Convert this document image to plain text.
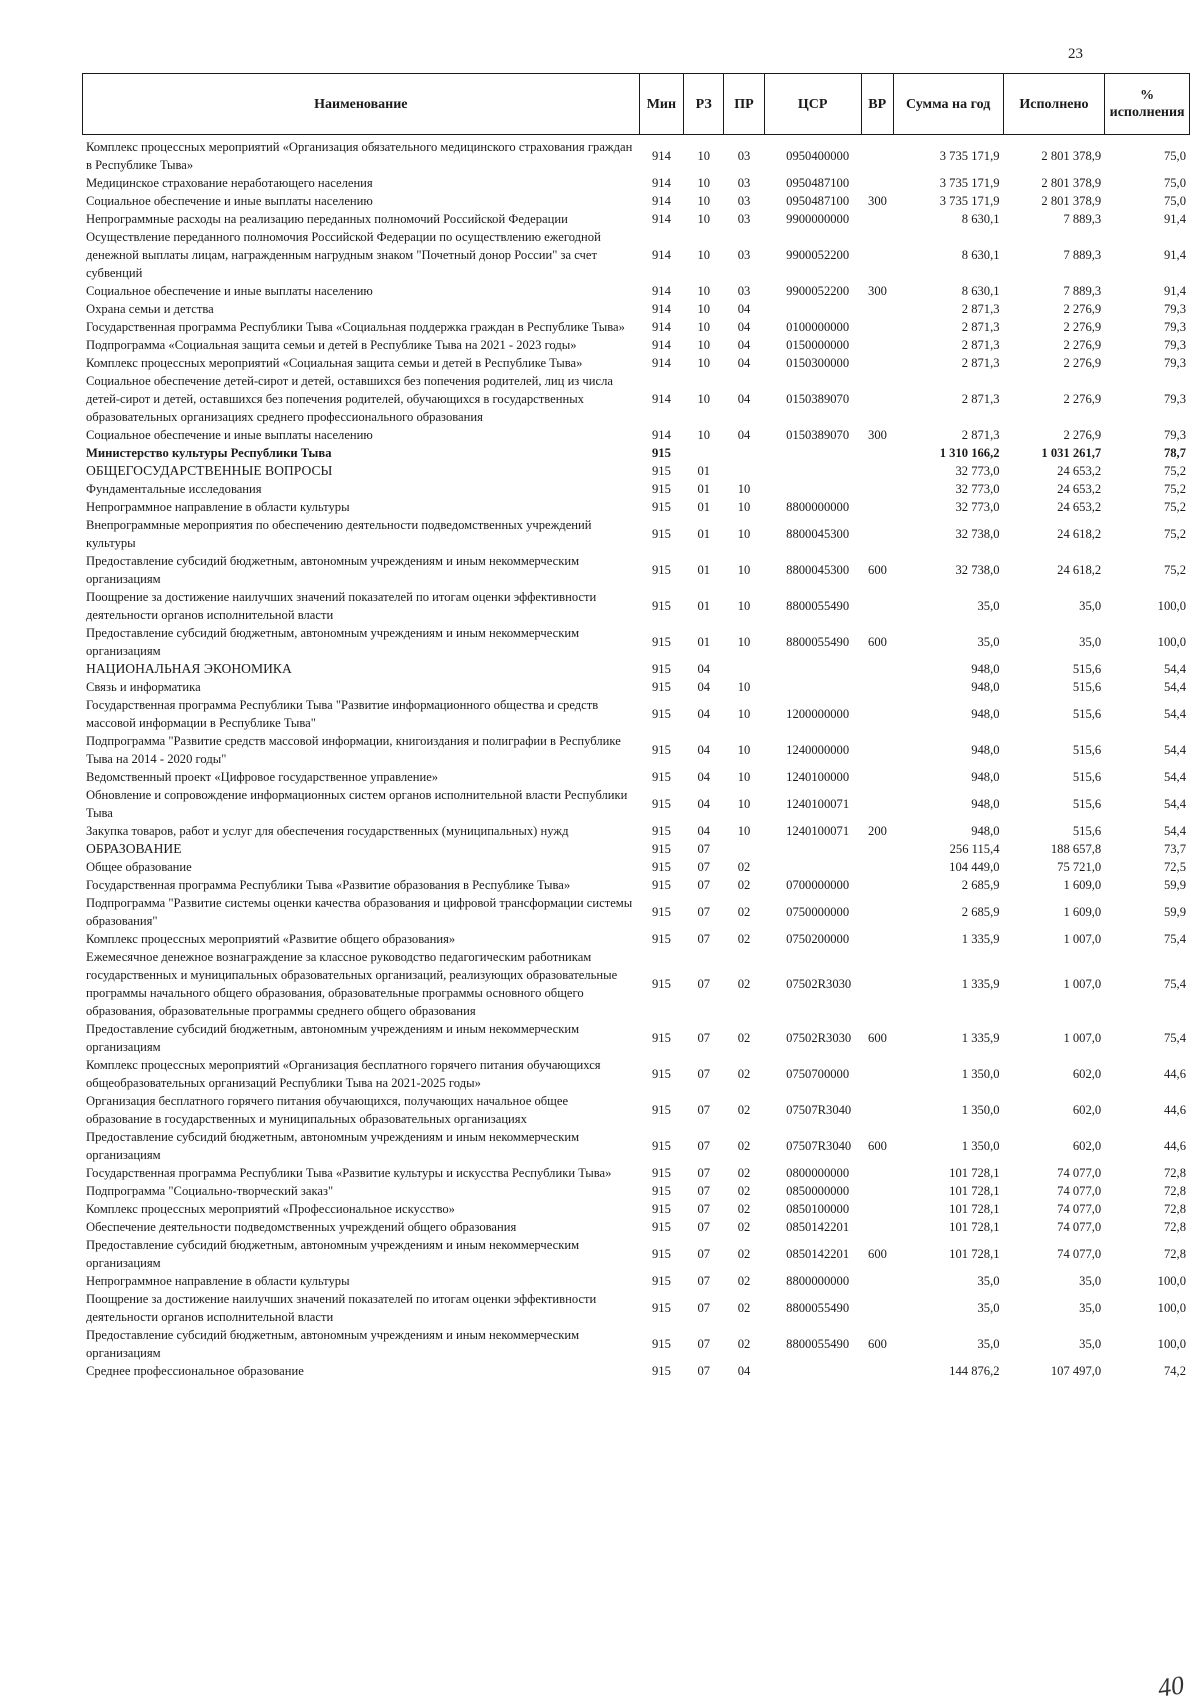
23
Наименование	Мин	РЗ	ПР	ЦСР	ВР	Сумма на год	Исполнено	% исполнения
Комплекс процессных мероприятий «Организация обязательного медицинского страхования граждан в Республике Тыва»	914	10	03	0950400000		3 735 171,9	2 801 378,9	75,0
Медицинское страхование неработающего населения	914	10	03	0950487100		3 735 171,9	2 801 378,9	75,0
Социальное обеспечение и иные выплаты населению	914	10	03	0950487100	300	3 735 171,9	2 801 378,9	75,0
Непрограммные расходы на реализацию переданных полномочий Российской Федерации	914	10	03	9900000000		8 630,1	7 889,3	91,4
Осуществление переданного полномочия Российской Федерации по осуществлению ежегодной денежной выплаты лицам, награжденным нагрудным знаком "Почетный донор России" за счет субвенций	914	10	03	9900052200		8 630,1	7 889,3	91,4
Социальное обеспечение и иные выплаты населению	914	10	03	9900052200	300	8 630,1	7 889,3	91,4
Охрана семьи и детства	914	10	04			2 871,3	2 276,9	79,3
Государственная программа Республики Тыва «Социальная поддержка граждан в Республике Тыва»	914	10	04	0100000000		2 871,3	2 276,9	79,3
Подпрограмма «Социальная защита семьи и детей в Республике Тыва на 2021 - 2023 годы»	914	10	04	0150000000		2 871,3	2 276,9	79,3
Комплекс процессных мероприятий «Социальная защита семьи и детей в Республике Тыва»	914	10	04	0150300000		2 871,3	2 276,9	79,3
Социальное обеспечение детей-сирот и детей, оставшихся без попечения родителей, лиц из числа детей-сирот и детей, оставшихся без попечения родителей, обучающихся в государственных образовательных организациях среднего профессионального образования	914	10	04	0150389070		2 871,3	2 276,9	79,3
Социальное обеспечение и иные выплаты населению	914	10	04	0150389070	300	2 871,3	2 276,9	79,3
Министерство культуры Республики Тыва	915					1 310 166,2	1 031 261,7	78,7
ОБЩЕГОСУДАРСТВЕННЫЕ ВОПРОСЫ	915	01				32 773,0	24 653,2	75,2
Фундаментальные исследования	915	01	10			32 773,0	24 653,2	75,2
Непрограммное направление в области культуры	915	01	10	8800000000		32 773,0	24 653,2	75,2
Внепрограммные мероприятия по обеспечению деятельности подведомственных учреждений культуры	915	01	10	8800045300		32 738,0	24 618,2	75,2
Предоставление субсидий бюджетным, автономным учреждениям и иным некоммерческим организациям	915	01	10	8800045300	600	32 738,0	24 618,2	75,2
Поощрение за достижение наилучших значений показателей по итогам оценки эффективности деятельности органов исполнительной власти	915	01	10	8800055490		35,0	35,0	100,0
Предоставление субсидий бюджетным, автономным учреждениям и иным некоммерческим организациям	915	01	10	8800055490	600	35,0	35,0	100,0
НАЦИОНАЛЬНАЯ ЭКОНОМИКА	915	04				948,0	515,6	54,4
Связь и информатика	915	04	10			948,0	515,6	54,4
Государственная программа Республики Тыва "Развитие информационного общества и средств массовой информации в Республике Тыва"	915	04	10	1200000000		948,0	515,6	54,4
Подпрограмма "Развитие средств массовой информации, книгоиздания и полиграфии в Республике Тыва на 2014 - 2020 годы"	915	04	10	1240000000		948,0	515,6	54,4
Ведомственный проект «Цифровое государственное управление»	915	04	10	1240100000		948,0	515,6	54,4
Обновление и сопровождение информационных систем органов исполнительной власти Республики Тыва	915	04	10	1240100071		948,0	515,6	54,4
Закупка товаров, работ и услуг для обеспечения государственных (муниципальных) нужд	915	04	10	1240100071	200	948,0	515,6	54,4
ОБРАЗОВАНИЕ	915	07				256 115,4	188 657,8	73,7
Общее образование	915	07	02			104 449,0	75 721,0	72,5
Государственная программа Республики Тыва «Развитие образования в Республике Тыва»	915	07	02	0700000000		2 685,9	1 609,0	59,9
Подпрограмма "Развитие системы оценки качества образования и цифровой трансформации системы образования"	915	07	02	0750000000		2 685,9	1 609,0	59,9
Комплекс процессных мероприятий «Развитие общего образования»	915	07	02	0750200000		1 335,9	1 007,0	75,4
Ежемесячное денежное вознаграждение за классное руководство педагогическим работникам государственных и муниципальных образовательных организаций, реализующих образовательные программы начального общего образования, образовательные программы основного общего образования, образовательные программы среднего общего образования	915	07	02	07502R3030		1 335,9	1 007,0	75,4
Предоставление субсидий бюджетным, автономным учреждениям и иным некоммерческим организациям	915	07	02	07502R3030	600	1 335,9	1 007,0	75,4
Комплекс процессных мероприятий «Организация бесплатного горячего питания обучающихся общеобразовательных организаций Республики Тыва на 2021-2025 годы»	915	07	02	0750700000		1 350,0	602,0	44,6
Организация бесплатного горячего питания обучающихся, получающих начальное общее образование в государственных и муниципальных образовательных организациях	915	07	02	07507R3040		1 350,0	602,0	44,6
Предоставление субсидий бюджетным, автономным учреждениям и иным некоммерческим организациям	915	07	02	07507R3040	600	1 350,0	602,0	44,6
Государственная программа Республики Тыва «Развитие культуры и искусства Республики Тыва»	915	07	02	0800000000		101 728,1	74 077,0	72,8
Подпрограмма "Социально-творческий заказ"	915	07	02	0850000000		101 728,1	74 077,0	72,8
Комплекс процессных мероприятий «Профессиональное искусство»	915	07	02	0850100000		101 728,1	74 077,0	72,8
Обеспечение деятельности подведомственных учреждений общего образования	915	07	02	0850142201		101 728,1	74 077,0	72,8
Предоставление субсидий бюджетным, автономным учреждениям и иным некоммерческим организациям	915	07	02	0850142201	600	101 728,1	74 077,0	72,8
Непрограммное направление в области культуры	915	07	02	8800000000		35,0	35,0	100,0
Поощрение за достижение наилучших значений показателей по итогам оценки эффективности деятельности органов исполнительной власти	915	07	02	8800055490		35,0	35,0	100,0
Предоставление субсидий бюджетным, автономным учреждениям и иным некоммерческим организациям	915	07	02	8800055490	600	35,0	35,0	100,0
Среднее профессиональное образование	915	07	04			144 876,2	107 497,0	74,2
40
